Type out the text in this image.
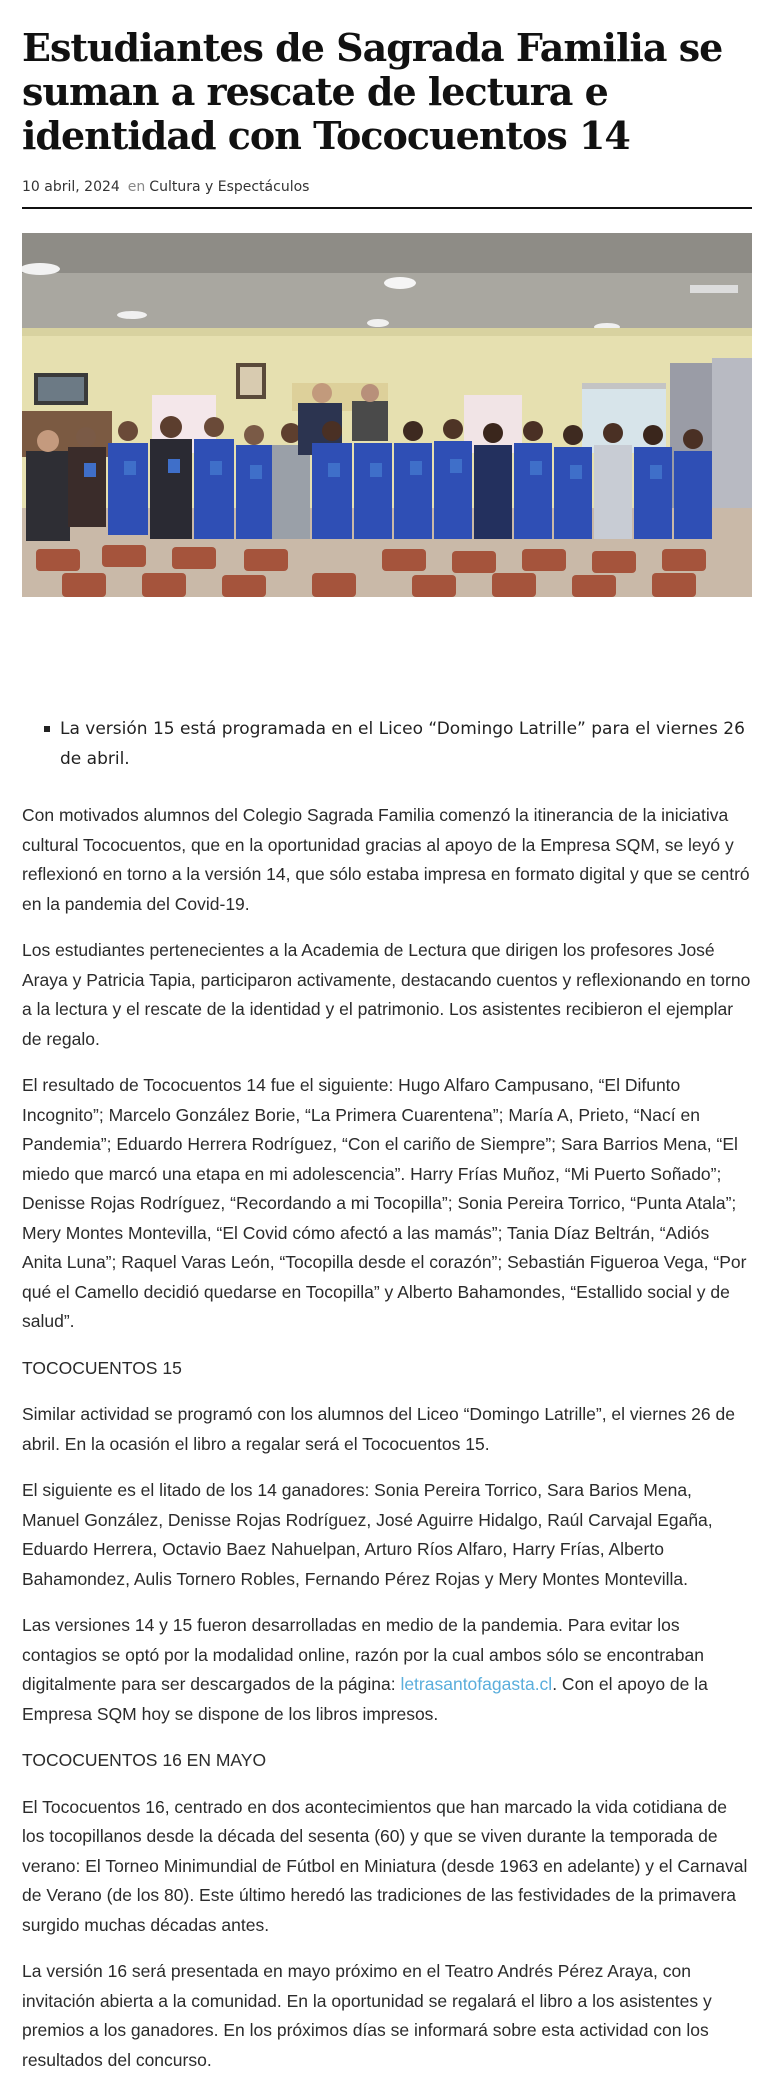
Estudiantes de Sagrada Familia se suman a rescate de lectura e identidad con Tococuentos 14
10 abril, 2024 en Cultura y Espectáculos
La versión 15 está programada en el Liceo “Domingo Latrille” para el viernes 26 de abril.

Con motivados alumnos del Colegio Sagrada Familia comenzó la itinerancia de la iniciativa cultural Tococuentos, que en la oportunidad gracias al apoyo de la Empresa SQM, se leyó y reflexionó en torno a la versión 14, que sólo estaba impresa en formato digital y que se centró en la pandemia del Covid-19.

Los estudiantes pertenecientes a la Academia de Lectura que dirigen los profesores José Araya y Patricia Tapia, participaron activamente, destacando cuentos y reflexionando en torno a la lectura y el rescate de la identidad y el patrimonio. Los asistentes recibieron el ejemplar de regalo.

El resultado de Tococuentos 14 fue el siguiente: Hugo Alfaro Campusano, “El Difunto Incognito”; Marcelo González Borie, “La Primera Cuarentena”; María A, Prieto, “Nací en Pandemia”; Eduardo Herrera Rodríguez, “Con el cariño de Siempre”; Sara Barrios Mena, “El miedo que marcó una etapa en mi adolescencia”. Harry Frías Muñoz, “Mi Puerto Soñado”; Denisse Rojas Rodríguez, “Recordando a mi Tocopilla”; Sonia Pereira Torrico, “Punta Atala”; Mery Montes Montevilla, “El Covid cómo afectó a las mamás”; Tania Díaz Beltrán, “Adiós Anita Luna”; Raquel Varas León, “Tocopilla desde el corazón”; Sebastián Figueroa Vega, “Por qué el Camello decidió quedarse en Tocopilla” y Alberto Bahamondes, “Estallido social y de salud”.

TOCOCUENTOS 15

Similar actividad se programó con los alumnos del Liceo “Domingo Latrille”, el viernes 26 de abril. En la ocasión el libro a regalar será el Tococuentos 15.

El siguiente es el litado de los 14 ganadores: Sonia Pereira Torrico, Sara Barios Mena, Manuel González, Denisse Rojas Rodríguez, José Aguirre Hidalgo, Raúl Carvajal Egaña, Eduardo Herrera, Octavio Baez Nahuelpan, Arturo Ríos Alfaro, Harry Frías, Alberto Bahamondez, Aulis Tornero Robles, Fernando Pérez Rojas y Mery Montes Montevilla.

Las versiones 14 y 15 fueron desarrolladas en medio de la pandemia. Para evitar los contagios se optó por la modalidad online, razón por la cual ambos sólo se encontraban digitalmente para ser descargados de la página: letrasantofagasta.cl. Con el apoyo de la Empresa SQM hoy se dispone de los libros impresos.

TOCOCUENTOS 16 EN MAYO

El Tococuentos 16, centrado en dos acontecimientos que han marcado la vida cotidiana de los tocopillanos desde la década del sesenta (60) y que se viven durante la temporada de verano: El Torneo Minimundial de Fútbol en Miniatura (desde 1963 en adelante) y el Carnaval de Verano (de los 80). Este último heredó las tradiciones de las festividades de la primavera surgido muchas décadas antes.

La versión 16 será presentada en mayo próximo en el Teatro Andrés Pérez Araya, con invitación abierta a la comunidad. En la oportunidad se regalará el libro a los asistentes y premios a los ganadores. En los próximos días se informará sobre esta actividad con los resultados del concurso.
